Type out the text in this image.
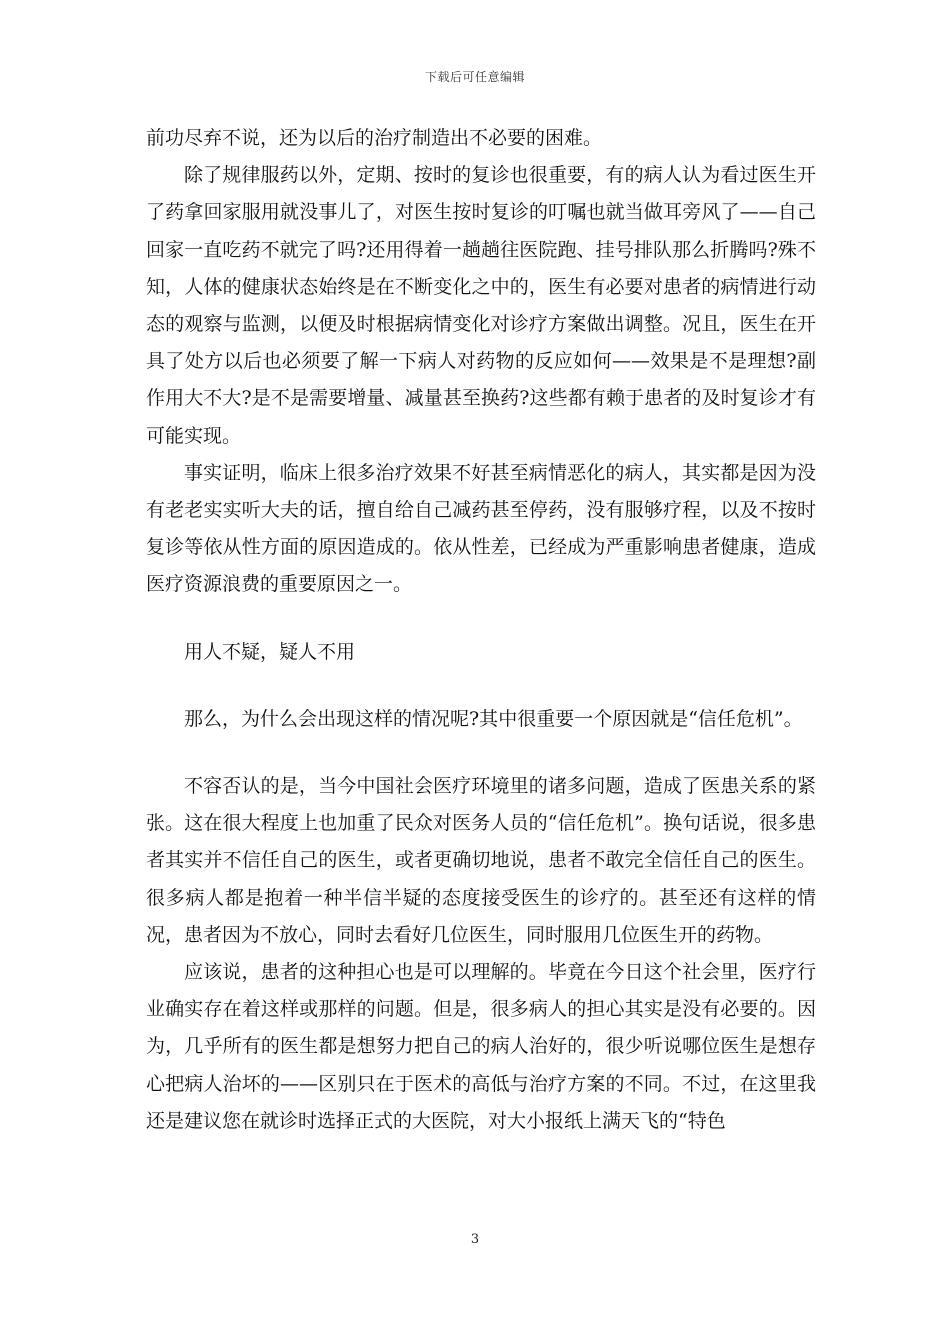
下载后可任意编辑

前功尽弃不说，还为以后的治疗制造出不必要的困难。

除了规律服药以外，定期、按时的复诊也很重要，有的病人认为看过医生开了药拿回家服用就没事儿了，对医生按时复诊的叮嘱也就当做耳旁风了——自己回家一直吃药不就完了吗?还用得着一趟趟往医院跑、挂号排队那么折腾吗?殊不知，人体的健康状态始终是在不断变化之中的，医生有必要对患者的病情进行动态的观察与监测，以便及时根据病情变化对诊疗方案做出调整。况且，医生在开具了处方以后也必须要了解一下病人对药物的反应如何——效果是不是理想?副作用大不大?是不是需要增量、减量甚至换药?这些都有赖于患者的及时复诊才有可能实现。

事实证明，临床上很多治疗效果不好甚至病情恶化的病人，其实都是因为没有老老实实听大夫的话，擅自给自己减药甚至停药，没有服够疗程，以及不按时复诊等依从性方面的原因造成的。依从性差，已经成为严重影响患者健康，造成医疗资源浪费的重要原因之一。

用人不疑，疑人不用

那么，为什么会出现这样的情况呢?其中很重要一个原因就是“信任危机”。

不容否认的是，当今中国社会医疗环境里的诸多问题，造成了医患关系的紧张。这在很大程度上也加重了民众对医务人员的“信任危机”。换句话说，很多患者其实并不信任自己的医生，或者更确切地说，患者不敢完全信任自己的医生。很多病人都是抱着一种半信半疑的态度接受医生的诊疗的。甚至还有这样的情况，患者因为不放心，同时去看好几位医生，同时服用几位医生开的药物。

应该说，患者的这种担心也是可以理解的。毕竟在今日这个社会里，医疗行业确实存在着这样或那样的问题。但是，很多病人的担心其实是没有必要的。因为，几乎所有的医生都是想努力把自己的病人治好的，很少听说哪位医生是想存心把病人治坏的——区别只在于医术的高低与治疗方案的不同。不过，在这里我还是建议您在就诊时选择正式的大医院，对大小报纸上满天飞的“特色

3
